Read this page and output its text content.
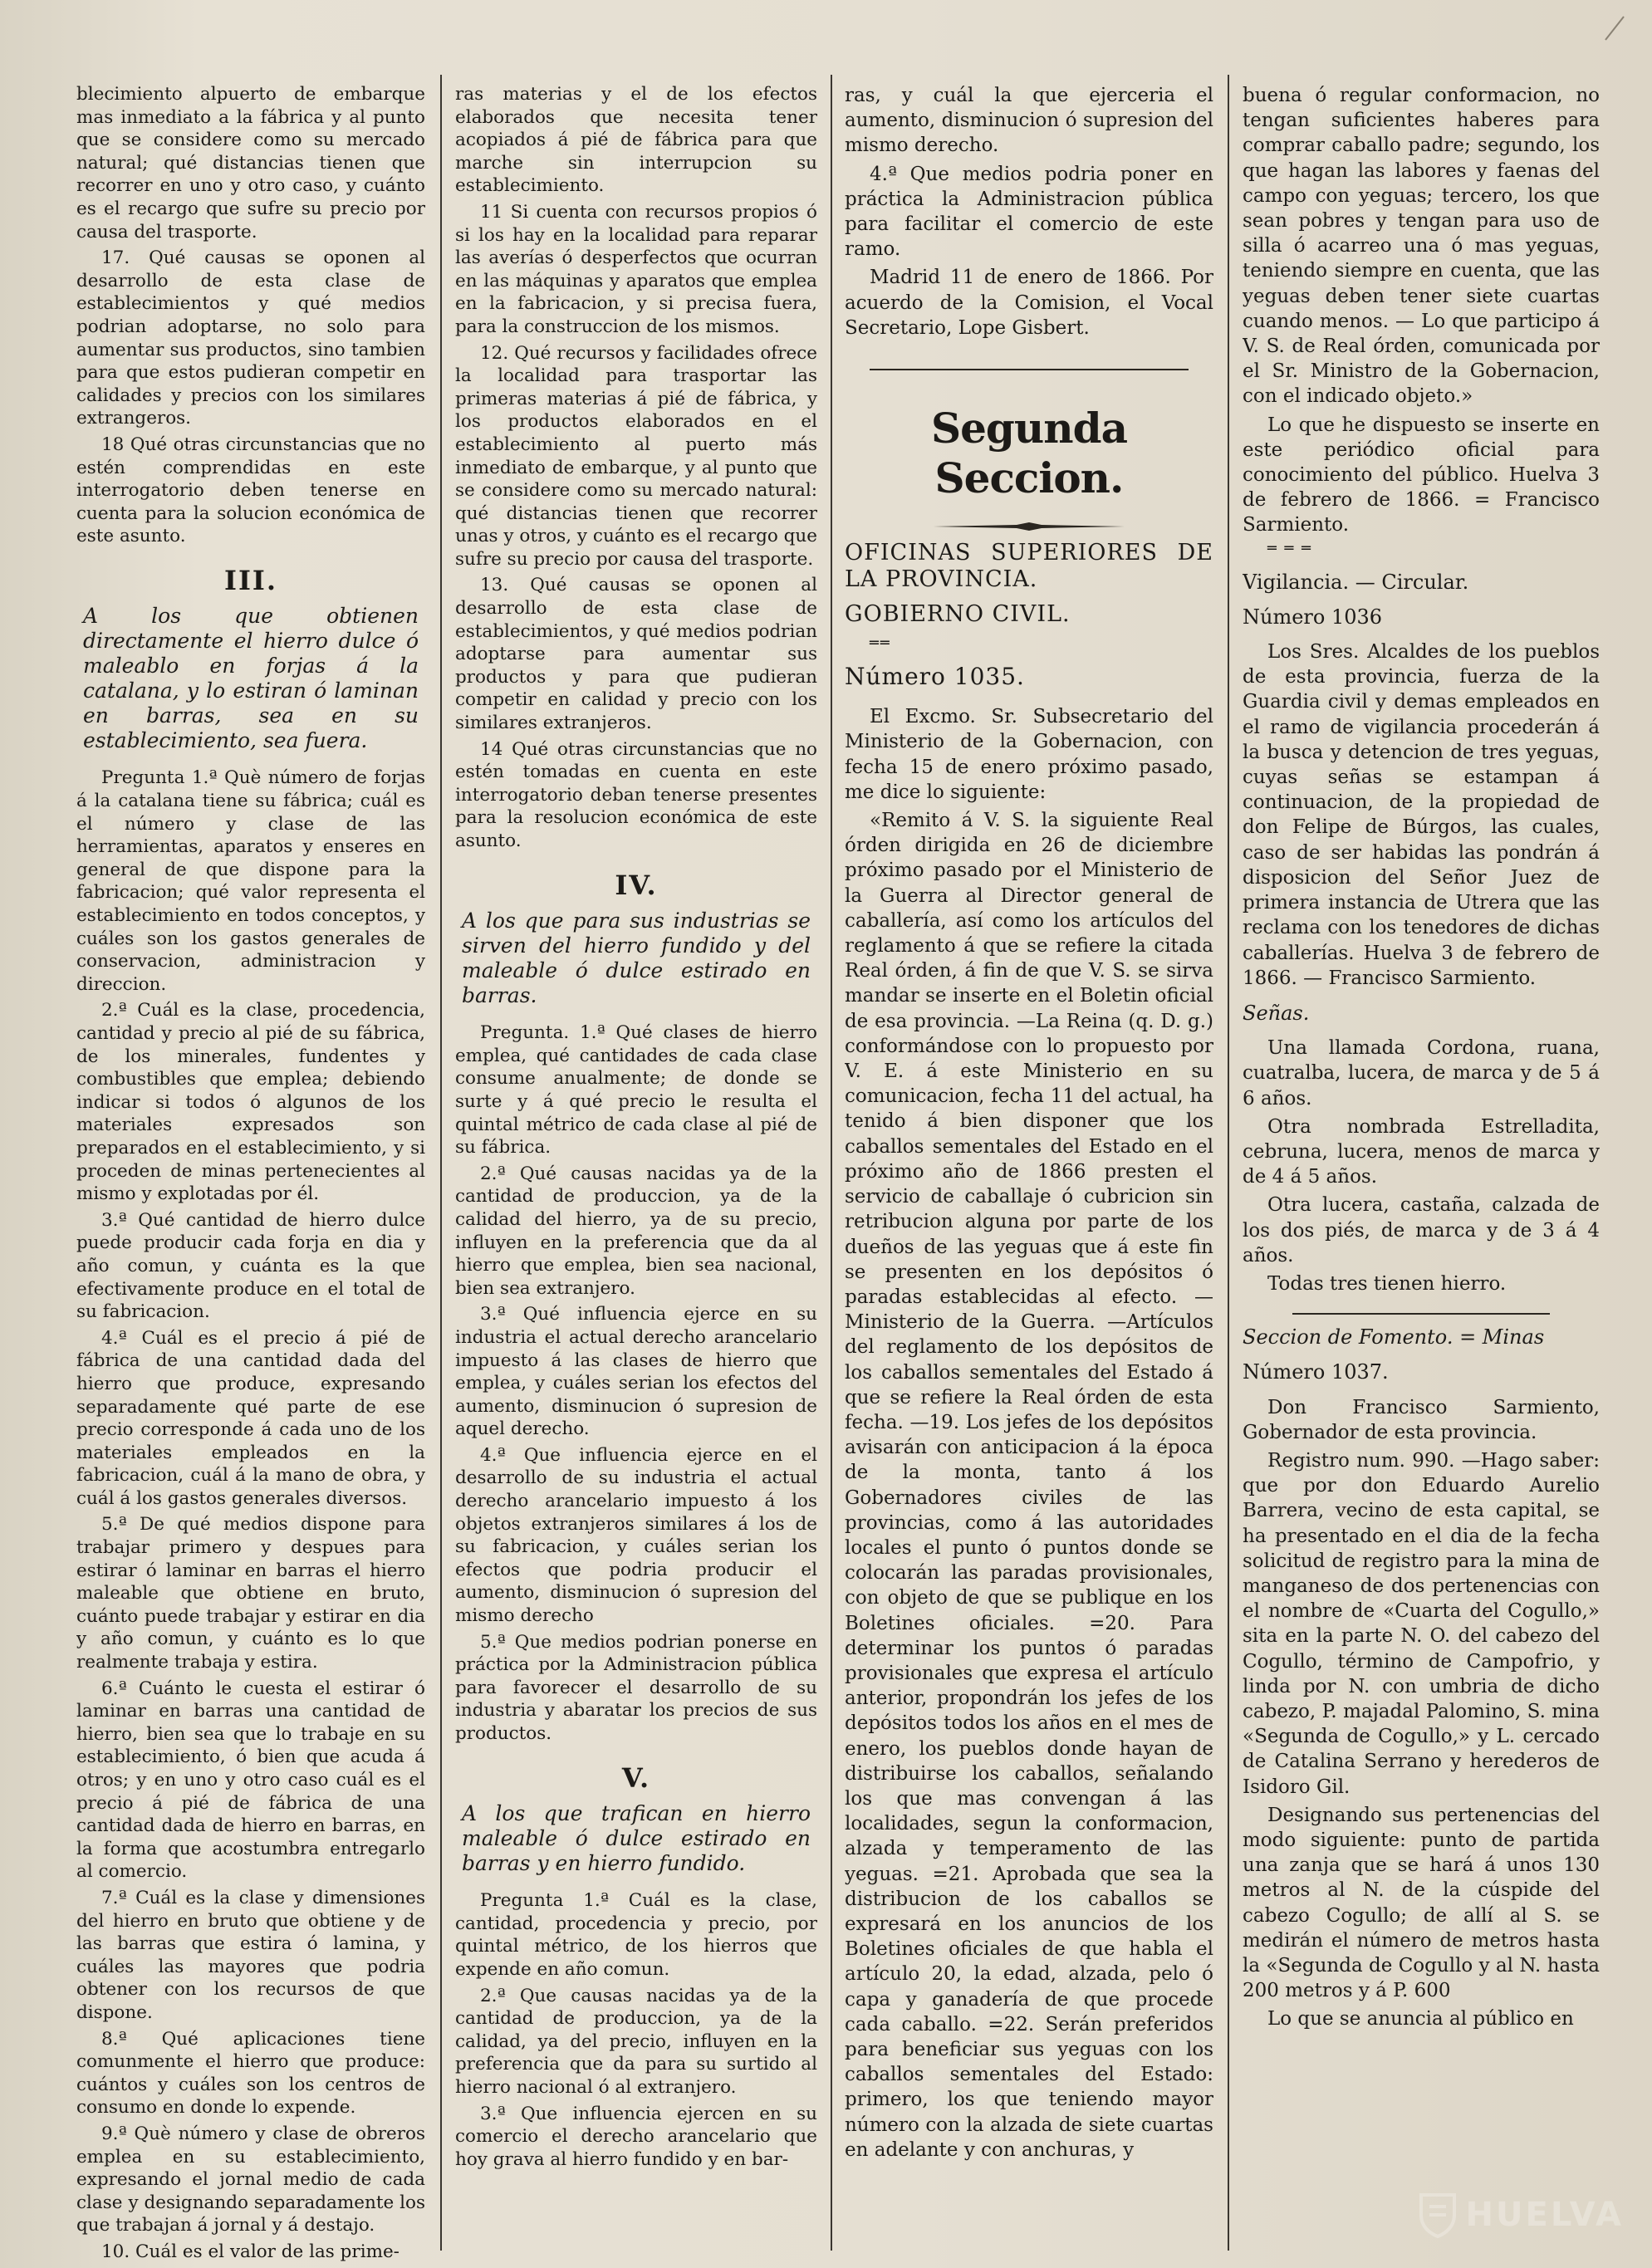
blecimiento alpuerto de embarque mas inmediato a la fábrica y al punto que se considere como su mercado natural; qué distancias tienen que recorrer en uno y otro caso, y cuánto es el recargo que sufre su precio por causa del trasporte.

17. Qué causas se oponen al desarrollo de esta clase de establecimientos y qué medios podrian adoptarse, no solo para aumentar sus productos, sino tambien para que estos pudieran competir en calidades y precios con los similares extrangeros.

18 Qué otras circunstancias que no estén comprendidas en este interrogatorio deben tenerse en cuenta para la solucion económica de este asunto.

III.

A los que obtienen directamente el hierro dulce ó maleablo en forjas á la catalana, y lo estiran ó laminan en barras, sea en su establecimiento, sea fuera.

Pregunta 1.ª Què número de forjas á la catalana tiene su fábrica; cuál es el número y clase de las herramientas, aparatos y enseres en general de que dispone para la fabricacion; qué valor representa el establecimiento en todos conceptos, y cuáles son los gastos generales de conservacion, administracion y direccion.

2.ª Cuál es la clase, procedencia, cantidad y precio al pié de su fábrica, de los minerales, fundentes y combustibles que emplea; debiendo indicar si todos ó algunos de los materiales expresados son preparados en el establecimiento, y si proceden de minas pertenecientes al mismo y explotadas por él.

3.ª Qué cantidad de hierro dulce puede producir cada forja en dia y año comun, y cuánta es la que efectivamente produce en el total de su fabricacion.

4.ª Cuál es el precio á pié de fábrica de una cantidad dada del hierro que produce, expresando separadamente qué parte de ese precio corresponde á cada uno de los materiales empleados en la fabricacion, cuál á la mano de obra, y cuál á los gastos generales diversos.

5.ª De qué medios dispone para trabajar primero y despues para estirar ó laminar en barras el hierro maleable que obtiene en bruto, cuánto puede trabajar y estirar en dia y año comun, y cuánto es lo que realmente trabaja y estira.

6.ª Cuánto le cuesta el estirar ó laminar en barras una cantidad de hierro, bien sea que lo trabaje en su establecimiento, ó bien que acuda á otros; y en uno y otro caso cuál es el precio á pié de fábrica de una cantidad dada de hierro en barras, en la forma que acostumbra entregarlo al comercio.

7.ª Cuál es la clase y dimensiones del hierro en bruto que obtiene y de las barras que estira ó lamina, y cuáles las mayores que podria obtener con los recursos de que dispone.

8.ª Qué aplicaciones tiene comunmente el hierro que produce: cuántos y cuáles son los centros de consumo en donde lo expende.

9.ª Què número y clase de obreros emplea en su establecimiento, expresando el jornal medio de cada clase y designando separadamente los que trabajan á jornal y á destajo.

10. Cuál es el valor de las prime-

ras materias y el de los efectos elaborados que necesita tener acopiados á pié de fábrica para que marche sin interrupcion su establecimiento.

11 Si cuenta con recursos propios ó si los hay en la localidad para reparar las averías ó desperfectos que ocurran en las máquinas y aparatos que emplea en la fabricacion, y si precisa fuera, para la construccion de los mismos.

12. Qué recursos y facilidades ofrece la localidad para trasportar las primeras materias á pié de fábrica, y los productos elaborados en el establecimiento al puerto más inmediato de embarque, y al punto que se considere como su mercado natural: qué distancias tienen que recorrer unas y otros, y cuánto es el recargo que sufre su precio por causa del trasporte.

13. Qué causas se oponen al desarrollo de esta clase de establecimientos, y qué medios podrian adoptarse para aumentar sus productos y para que pudieran competir en calidad y precio con los similares extranjeros.

14 Qué otras circunstancias que no estén tomadas en cuenta en este interrogatorio deban tenerse presentes para la resolucion económica de este asunto.

IV.

A los que para sus industrias se sirven del hierro fundido y del maleable ó dulce estirado en barras.

Pregunta. 1.ª Qué clases de hierro emplea, qué cantidades de cada clase consume anualmente; de donde se surte y á qué precio le resulta el quintal métrico de cada clase al pié de su fábrica.

2.ª Qué causas nacidas ya de la cantidad de produccion, ya de la calidad del hierro, ya de su precio, influyen en la preferencia que da al hierro que emplea, bien sea nacional, bien sea extranjero.

3.ª Qué influencia ejerce en su industria el actual derecho arancelario impuesto á las clases de hierro que emplea, y cuáles serian los efectos del aumento, disminucion ó supresion de aquel derecho.

4.ª Que influencia ejerce en el desarrollo de su industria el actual derecho arancelario impuesto á los objetos extranjeros similares á los de su fabricacion, y cuáles serian los efectos que podria producir el aumento, disminucion ó supresion del mismo derecho

5.ª Que medios podrian ponerse en práctica por la Administracion pública para favorecer el desarrollo de su industria y abaratar los precios de sus productos.

V.

A los que trafican en hierro maleable ó dulce estirado en barras y en hierro fundido.

Pregunta 1.ª Cuál es la clase, cantidad, procedencia y precio, por quintal métrico, de los hierros que expende en año comun.

2.ª Que causas nacidas ya de la cantidad de produccion, ya de la calidad, ya del precio, influyen en la preferencia que da para su surtido al hierro nacional ó al extranjero.

3.ª Que influencia ejercen en su comercio el derecho arancelario que hoy grava al hierro fundido y en bar-

ras, y cuál la que ejerceria el aumento, disminucion ó supresion del mismo derecho.

4.ª Que medios podria poner en práctica la Administracion pública para facilitar el comercio de este ramo.

Madrid 11 de enero de 1866. Por acuerdo de la Comision, el Vocal Secretario, Lope Gisbert.

Segunda Seccion.

OFICINAS SUPERIORES DE LA PROVINCIA.

GOBIERNO CIVIL.

══

Número 1035.

El Excmo. Sr. Subsecretario del Ministerio de la Gobernacion, con fecha 15 de enero próximo pasado, me dice lo siguiente:

«Remito á V. S. la siguiente Real órden dirigida en 26 de diciembre próximo pasado por el Ministerio de la Guerra al Director general de caballería, así como los artículos del reglamento á que se refiere la citada Real órden, á fin de que V. S. se sirva mandar se inserte en el Boletin oficial de esa provincia. —La Reina (q. D. g.) conformándose con lo propuesto por V. E. á este Ministerio en su comunicacion, fecha 11 del actual, ha tenido á bien disponer que los caballos sementales del Estado en el próximo año de 1866 presten el servicio de caballaje ó cubricion sin retribucion alguna por parte de los dueños de las yeguas que á este fin se presenten en los depósitos ó paradas establecidas al efecto. —Ministerio de la Guerra. —Artículos del reglamento de los depósitos de los caballos sementales del Estado á que se refiere la Real órden de esta fecha. —19. Los jefes de los depósitos avisarán con anticipacion á la época de la monta, tanto á los Gobernadores civiles de las provincias, como á las autoridades locales el punto ó puntos donde se colocarán las paradas provisionales, con objeto de que se publique en los Boletines oficiales. =20. Para determinar los puntos ó paradas provisionales que expresa el artículo anterior, propondrán los jefes de los depósitos todos los años en el mes de enero, los pueblos donde hayan de distribuirse los caballos, señalando los que mas convengan á las localidades, segun la conformacion, alzada y temperamento de las yeguas. =21. Aprobada que sea la distribucion de los caballos se expresará en los anuncios de los Boletines oficiales de que habla el artículo 20, la edad, alzada, pelo ó capa y ganadería de que procede cada caballo. =22. Serán preferidos para beneficiar sus yeguas con los caballos sementales del Estado: primero, los que teniendo mayor número con la alzada de siete cuartas en adelante y con anchuras, y

buena ó regular conformacion, no tengan suficientes haberes para comprar caballo padre; segundo, los que hagan las labores y faenas del campo con yeguas; tercero, los que sean pobres y tengan para uso de silla ó acarreo una ó mas yeguas, teniendo siempre en cuenta, que las yeguas deben tener siete cuartas cuando menos. — Lo que participo á V. S. de Real órden, comunicada por el Sr. Ministro de la Gobernacion, con el indicado objeto.»

Lo que he dispuesto se inserte en este periódico oficial para conocimiento del público. Huelva 3 de febrero de 1866. = Francisco Sarmiento.

═ ═ ═

Vigilancia. — Circular.

Número 1036

Los Sres. Alcaldes de los pueblos de esta provincia, fuerza de la Guardia civil y demas empleados en el ramo de vigilancia procederán á la busca y detencion de tres yeguas, cuyas señas se estampan á continuacion, de la propiedad de don Felipe de Búrgos, las cuales, caso de ser habidas las pondrán á disposicion del Señor Juez de primera instancia de Utrera que las reclama con los tenedores de dichas caballerías. Huelva 3 de febrero de 1866. — Francisco Sarmiento.

Señas.

Una llamada Cordona, ruana, cuatralba, lucera, de marca y de 5 á 6 años.

Otra nombrada Estrelladita, cebruna, lucera, menos de marca y de 4 á 5 años.

Otra lucera, castaña, calzada de los dos piés, de marca y de 3 á 4 años.

Todas tres tienen hierro.

Seccion de Fomento. = Minas

Número 1037.

Don Francisco Sarmiento, Gobernador de esta provincia.

Registro num. 990. —Hago saber: que por don Eduardo Aurelio Barrera, vecino de esta capital, se ha presentado en el dia de la fecha solicitud de registro para la mina de manganeso de dos pertenencias con el nombre de «Cuarta del Cogullo,» sita en la parte N. O. del cabezo del Cogullo, término de Campofrio, y linda por N. con umbria de dicho cabezo, P. majadal Palomino, S. mina «Segunda de Cogullo,» y L. cercado de Catalina Serrano y herederos de Isidoro Gil.

Designando sus pertenencias del modo siguiente: punto de partida una zanja que se hará á unos 130 metros al N. de la cúspide del cabezo Cogullo; de allí al S. se medirán el número de metros hasta la «Segunda de Cogullo y al N. hasta 200 metros y á P. 600

Lo que se anuncia al público en

HUELVA
